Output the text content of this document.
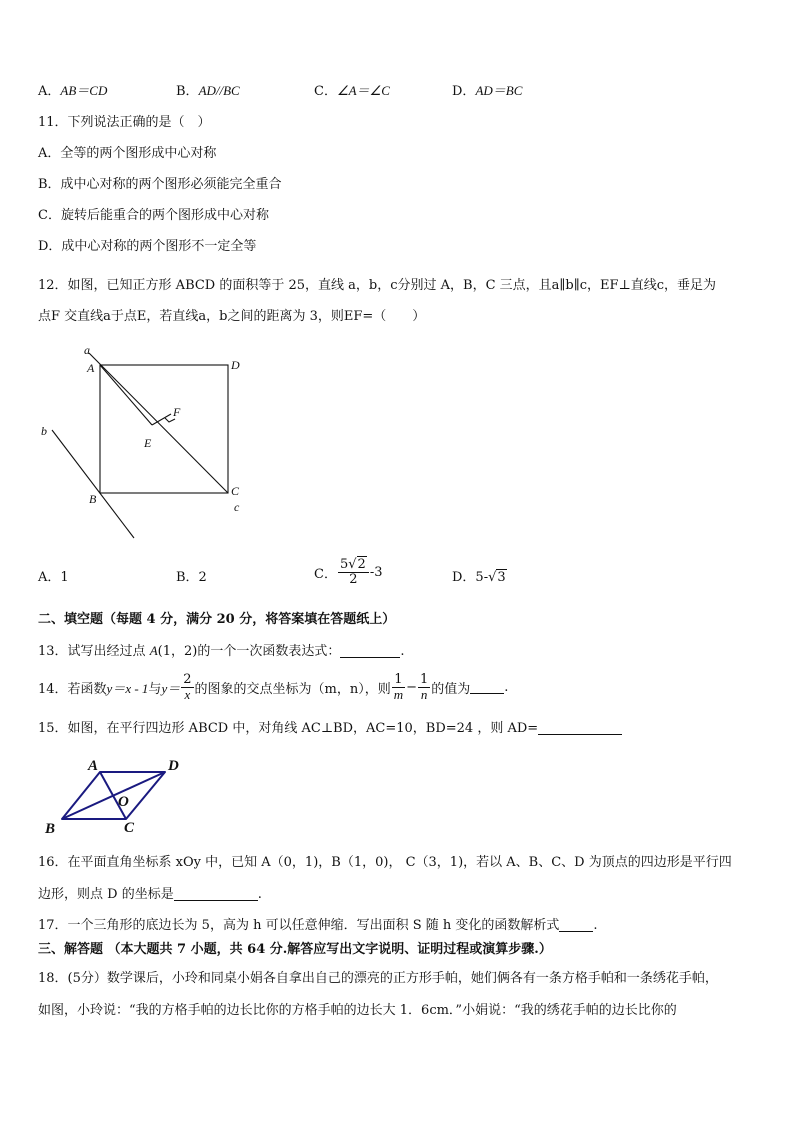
A．AB＝CD	B．AD//BC	C．∠A＝∠C	D．AD＝BC
11．下列说法正确的是（　）
A．全等的两个图形成中心对称
B．成中心对称的两个图形必须能完全重合
C．旋转后能重合的两个图形成中心对称
D．成中心对称的两个图形不一定全等
12．如图，已知正方形 ABCD 的面积等于 25，直线 a，b，c分别过 A，B，C 三点，且a∥b∥c，EF⊥直线c，垂足为
点F 交直线a于点E，若直线a，b之间的距离为 3，则EF=（　　）
a
A	D
F
E
b
B
C
c
A．1	B．2	C． $\frac{5√2}{2} -3$	D．5-√3
二、填空题（每题 4 分，满分 20 分，将答案填在答题纸上）
13．试写出经过点 A(1，2)的一个一次函数表达式：	.
14．若函数y＝x - 1与$y= \frac{2}{x}$ 的图象的交点坐标为（m，n），则 $\frac{1}{m} - \frac{1}{n}$ 的值为	.
15．如图，在平行四边形 ABCD 中，对角线 AC⊥BD，AC=10，BD=24 ，则 AD=
A	D
O
B	C
16．在平面直角坐标系 xOy 中，已知 A（0，1)，B（1，0)， C（3，1)，若以 A、B、C、D 为顶点的四边形是平行四
边形，则点 D 的坐标是	.
17．一个三角形的底边长为 5，高为 h 可以任意伸缩．写出面积 S 随 h 变化的函数解析式	.
三、解答题 （本大题共 7 小题，共 64 分.解答应写出文字说明、证明过程或演算步骤.）
18．(5分）数学课后，小玲和同桌小娟各自拿出自己的漂亮的正方形手帕，她们俩各有一条方格手帕和一条绣花手帕，
如图，小玲说：“我的方格手帕的边长比你的方格手帕的边长大 1．6cm．”小娟说：“我的绣花手帕的边长比你的
